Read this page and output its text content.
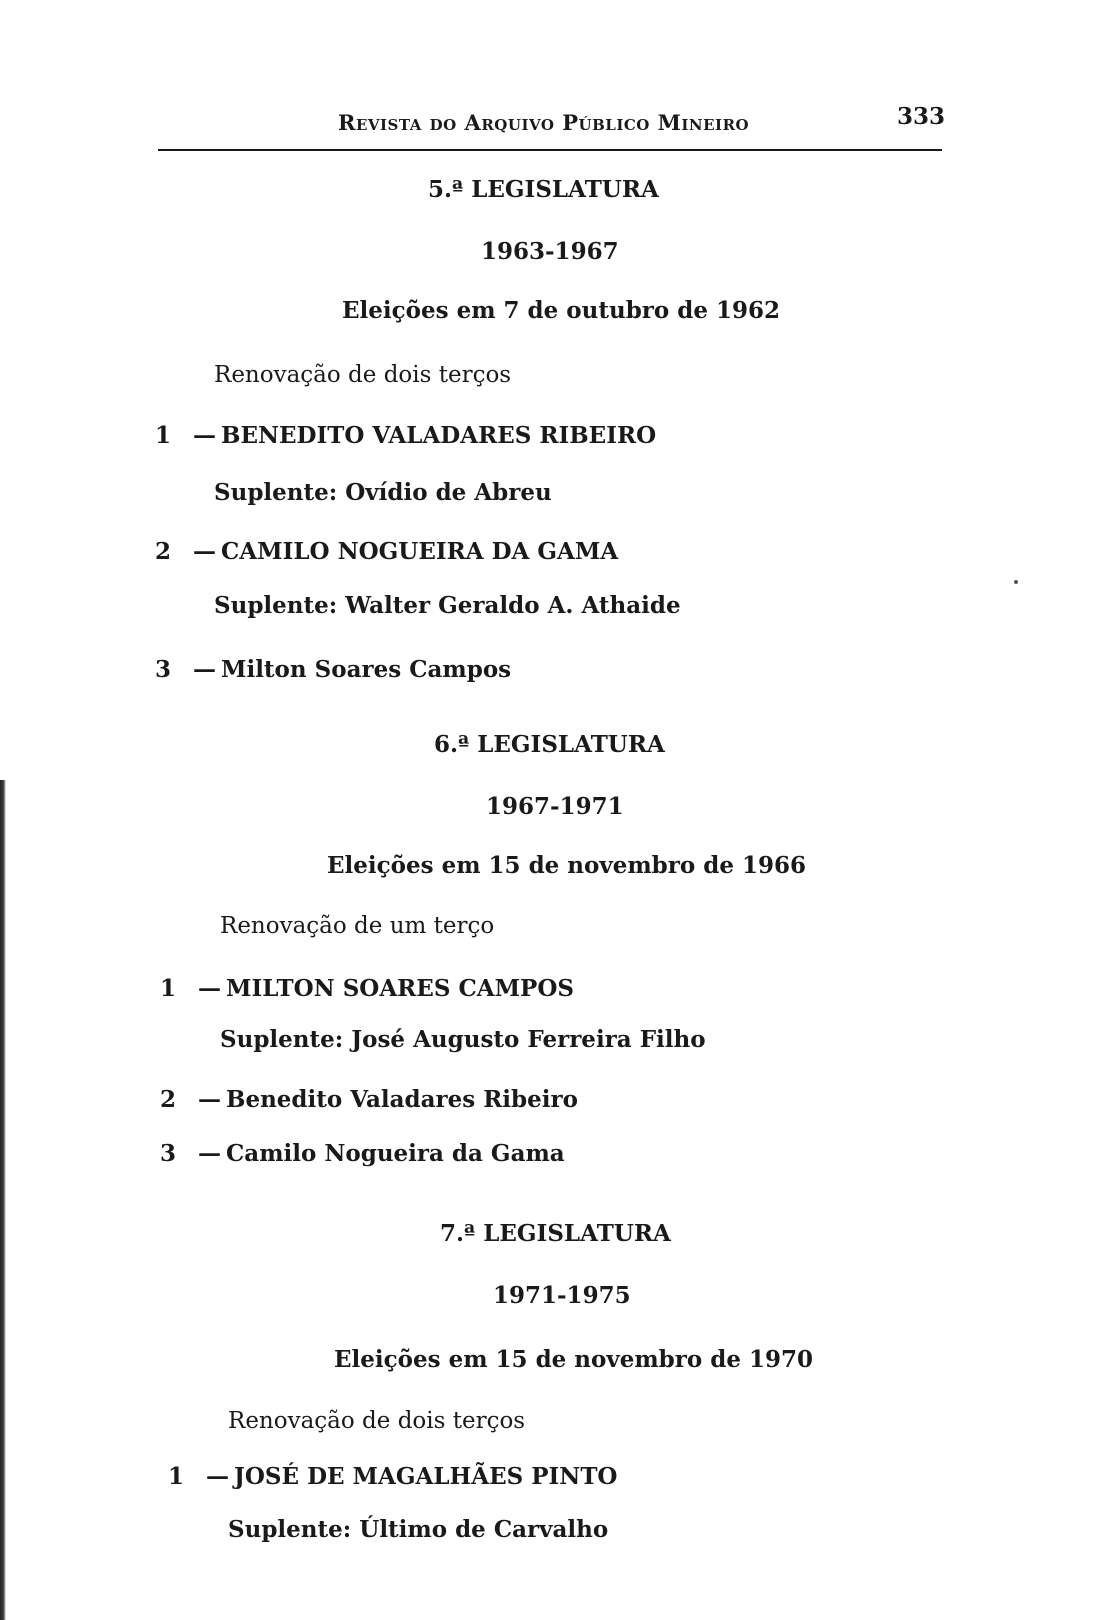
Revista do Arquivo Público Mineiro	333
5.ª LEGISLATURA
1963-1967
Eleições em 7 de outubro de 1962
Renovação de dois terços
1 — BENEDITO VALADARES RIBEIRO
Suplente: Ovídio de Abreu
2 — CAMILO NOGUEIRA DA GAMA
Suplente: Walter Geraldo A. Athaide
3 — Milton Soares Campos
6.ª LEGISLATURA
1967-1971
Eleições em 15 de novembro de 1966
Renovação de um terço
1 — MILTON SOARES CAMPOS
Suplente: José Augusto Ferreira Filho
2 — Benedito Valadares Ribeiro
3 — Camilo Nogueira da Gama
7.ª LEGISLATURA
1971-1975
Eleições em 15 de novembro de 1970
Renovação de dois terços
1 — JOSÉ DE MAGALHÃES PINTO
Suplente: Último de Carvalho
